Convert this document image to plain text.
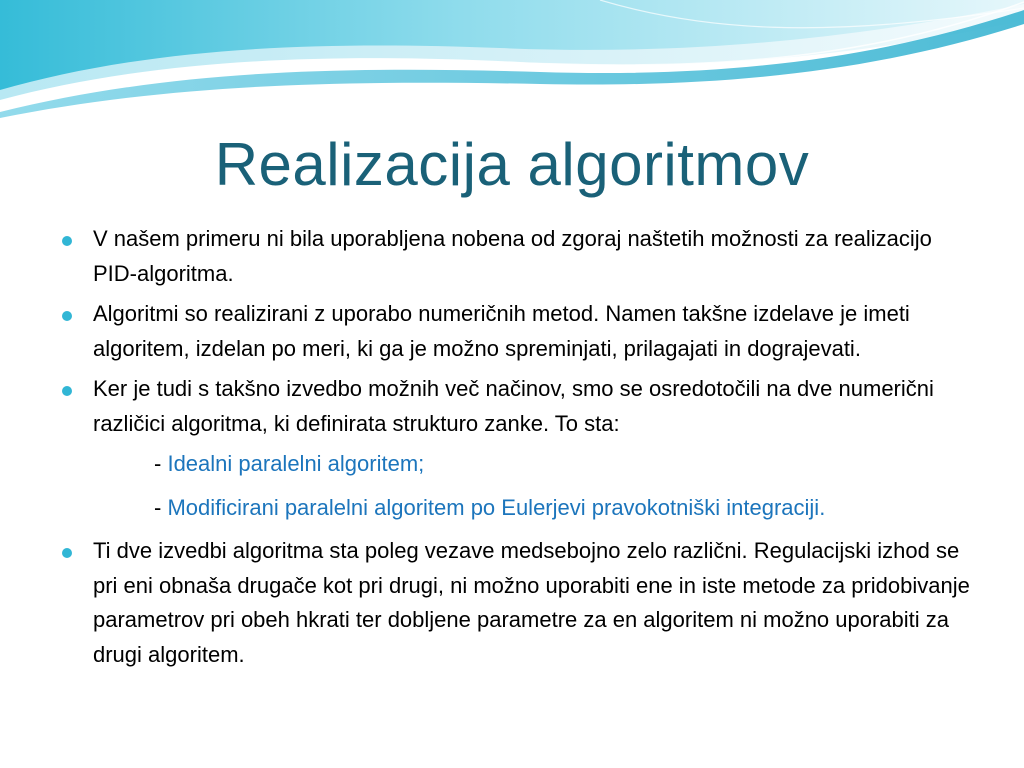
Realizacija algoritmov
V našem primeru ni bila uporabljena nobena od zgoraj naštetih možnosti za realizacijo PID-algoritma.
Algoritmi so realizirani z uporabo numeričnih metod. Namen takšne izdelave je imeti algoritem, izdelan po meri, ki ga je možno spreminjati, prilagajati in dograjevati.
Ker je tudi s takšno izvedbo možnih več načinov, smo se osredotočili na dve numerični različici algoritma, ki definirata strukturo zanke. To sta:
- Idealni paralelni algoritem;
- Modificirani paralelni algoritem po Eulerjevi pravokotniški integraciji.
Ti dve izvedbi algoritma sta poleg vezave medsebojno zelo različni. Regulacijski izhod se pri eni obnaša drugače kot pri drugi, ni možno uporabiti ene in iste metode za pridobivanje parametrov pri obeh hkrati ter dobljene parametre za en algoritem ni možno uporabiti za drugi algoritem.
